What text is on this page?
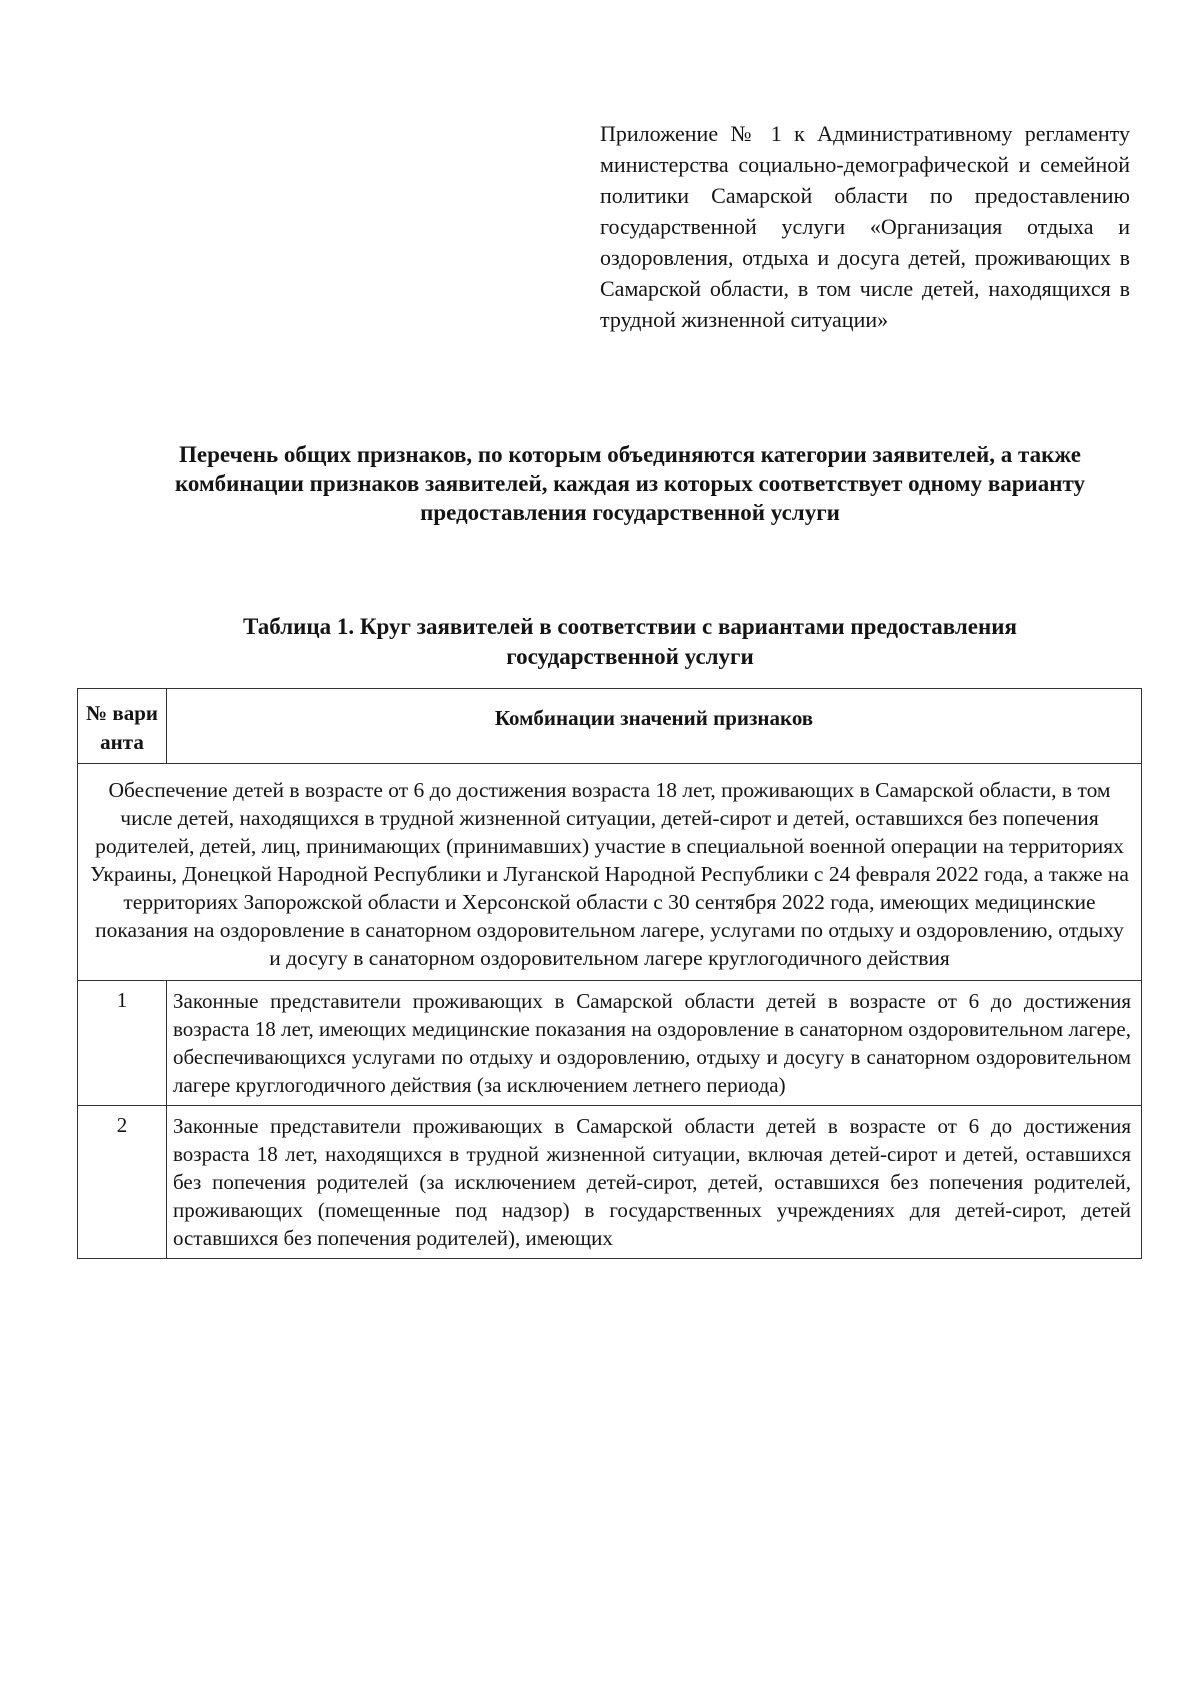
Приложение № 1 к Административному регламенту министерства социально-демографической и семейной политики Самарской области по предоставлению государственной услуги «Организация отдыха и оздоровления, отдыха и досуга детей, проживающих в Самарской области, в том числе детей, находящихся в трудной жизненной ситуации»
Перечень общих признаков, по которым объединяются категории заявителей, а также комбинации признаков заявителей, каждая из которых соответствует одному варианту предоставления государственной услуги
Таблица 1. Круг заявителей в соответствии с вариантами предоставления государственной услуги
№ вари анта	Комбинации значений признаков
Обеспечение детей в возрасте от 6 до достижения возраста 18 лет, проживающих в Самарской области, в том числе детей, находящихся в трудной жизненной ситуации, детей-сирот и детей, оставшихся без попечения родителей, детей, лиц, принимающих (принимавших) участие в специальной военной операции на территориях Украины, Донецкой Народной Республики и Луганской Народной Республики с 24 февраля 2022 года, а также на территориях Запорожской области и Херсонской области с 30 сентября 2022 года, имеющих медицинские показания на оздоровление в санаторном оздоровительном лагере, услугами по отдыху и оздоровлению, отдыху и досугу в санаторном оздоровительном лагере круглогодичного действия	
1	Законные представители проживающих в Самарской области детей в возрасте от 6 до достижения возраста 18 лет, имеющих медицинские показания на оздоровление в санаторном оздоровительном лагере, обеспечивающихся услугами по отдыху и оздоровлению, отдыху и досугу в санаторном оздоровительном лагере круглогодичного действия (за исключением летнего периода)
2	Законные представители проживающих в Самарской области детей в возрасте от 6 до достижения возраста 18 лет, находящихся в трудной жизненной ситуации, включая детей-сирот и детей, оставшихся без попечения родителей (за исключением детей-сирот, детей, оставшихся без попечения родителей, проживающих (помещенные под надзор) в государственных учреждениях для детей-сирот, детей оставшихся без попечения родителей), имеющих
